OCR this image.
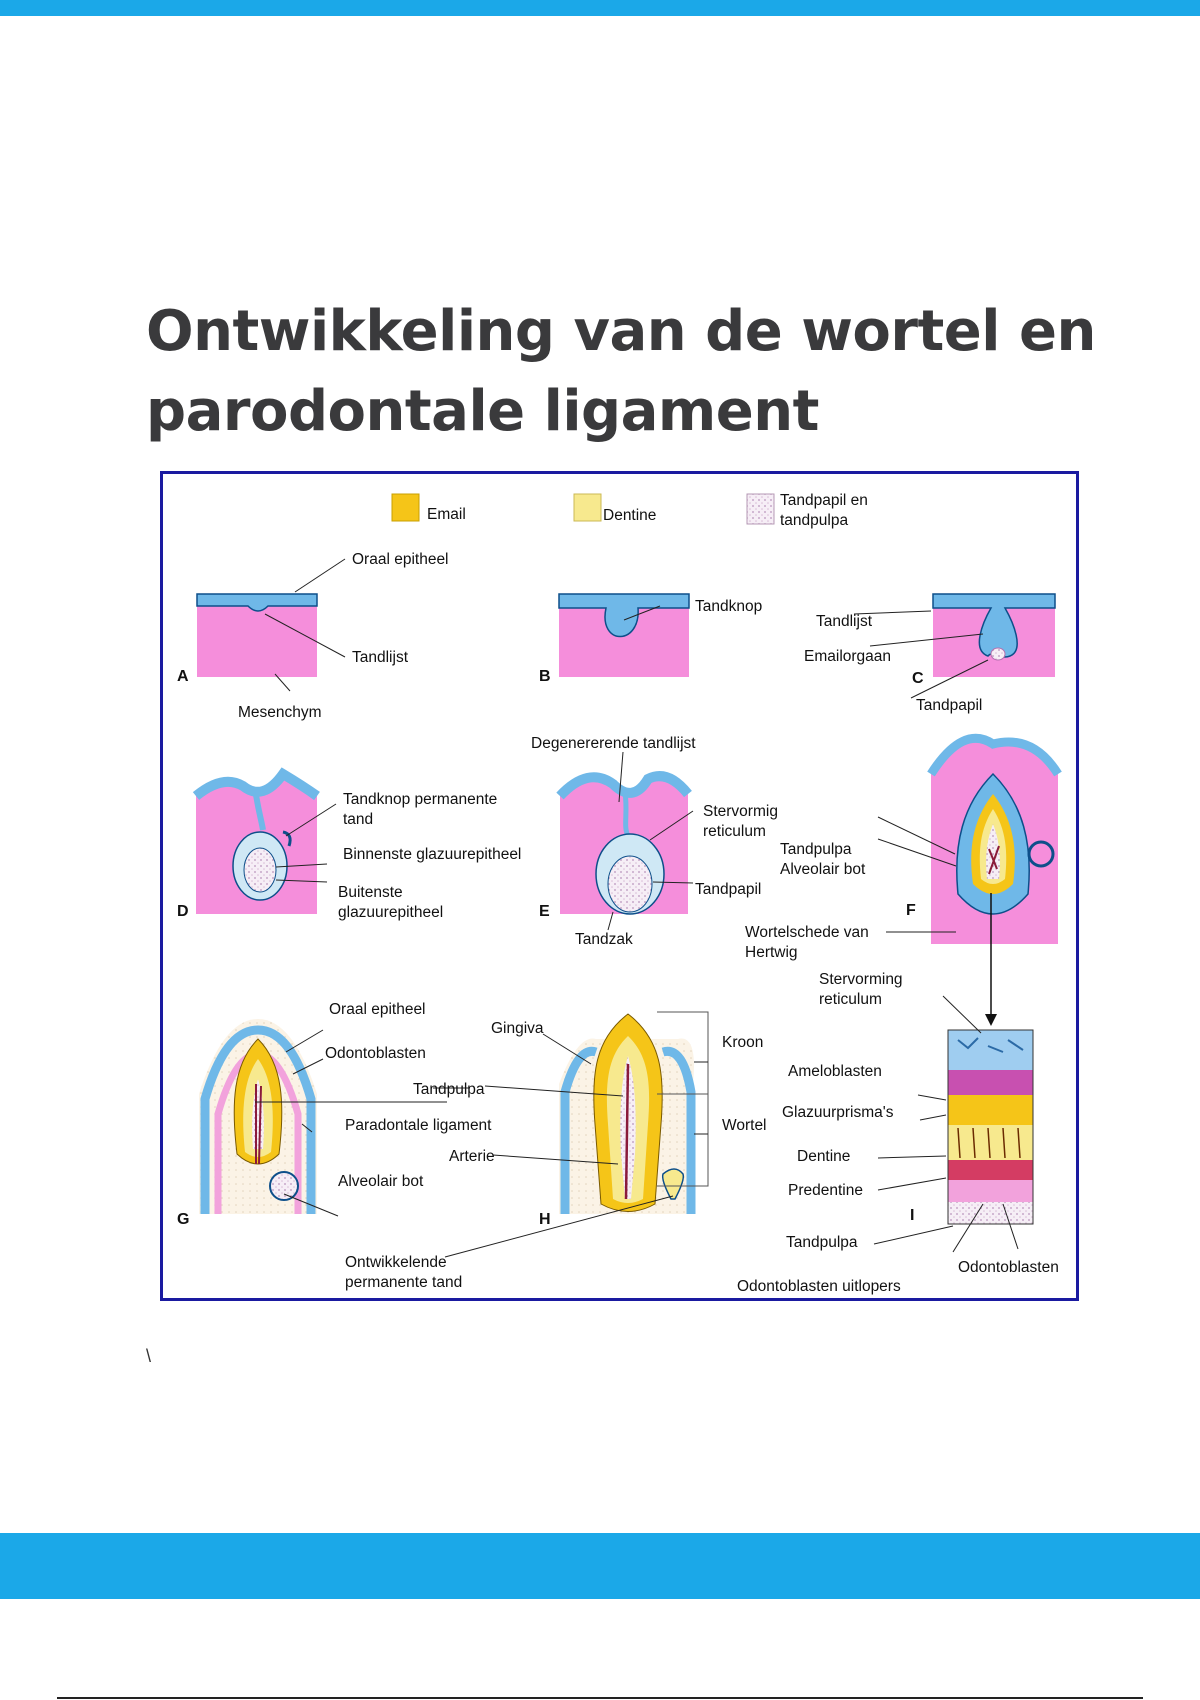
Ontwikkeling van de wortel en parodontale ligament
Email	Dentine
Tandpapil en
tandpulpa
A	B	C
D	E	F
G	H	I
Oraal epitheel
Tandlijst
Mesenchym
Tandknop
Tandlijst
Emailorgaan
Tandpapil
Degenererende tandlijst
Tandknop permanente
tand
Binnenste glazuurepitheel
Buitenste
glazuurepitheel
Stervormig
reticulum
Tandpapil
Tandzak
Tandpulpa
Alveolair bot
Wortelschede van
Hertwig
Stervorming
reticulum
Oraal epitheel
Odontoblasten
Tandpulpa
Paradontale ligament
Alveolair bot
Ontwikkelende
permanente tand
Gingiva
Kroon
Wortel
Arterie
Ameloblasten
Glazuurprisma's
Dentine
Predentine
Tandpulpa
Odontoblasten
Odontoblasten uitlopers
\
